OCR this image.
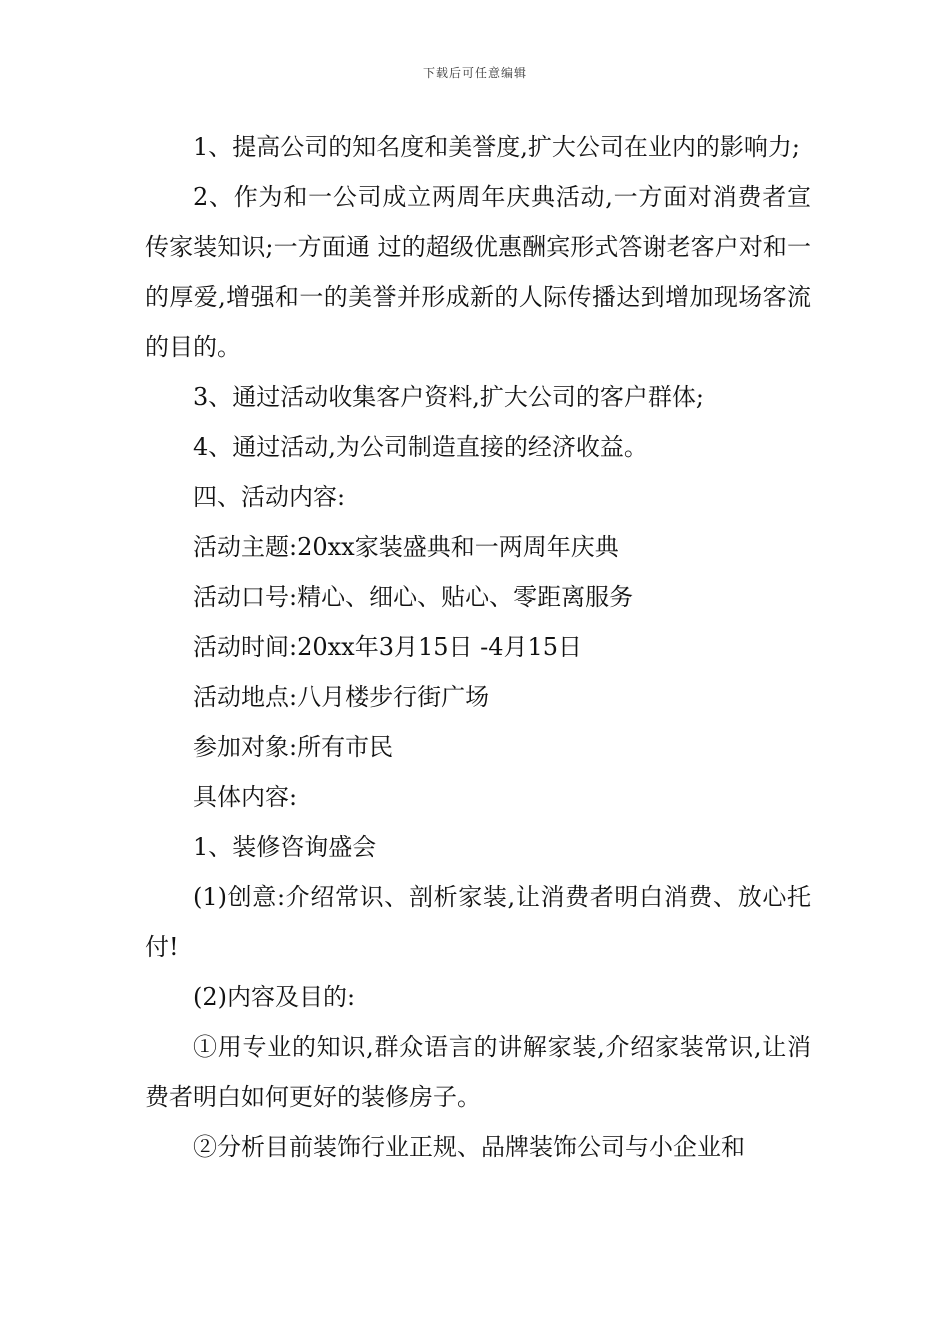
下载后可任意编辑

1、提高公司的知名度和美誉度,扩大公司在业内的影响力;

2、作为和一公司成立两周年庆典活动,一方面对消费者宣传家装知识;一方面通 过的超级优惠酬宾形式答谢老客户对和一的厚爱,增强和一的美誉并形成新的人际传播达到增加现场客流的目的。

3、通过活动收集客户资料,扩大公司的客户群体;

4、通过活动,为公司制造直接的经济收益。

四、活动内容:

活动主题:20xx家装盛典和一两周年庆典

活动口号:精心、细心、贴心、零距离服务

活动时间:20xx年3月15日 -4月15日

活动地点:八月楼步行街广场

参加对象:所有市民

具体内容:

1、装修咨询盛会

(1)创意:介绍常识、剖析家装,让消费者明白消费、放心托付!

(2)内容及目的:

①用专业的知识,群众语言的讲解家装,介绍家装常识,让消费者明白如何更好的装修房子。

②分析目前装饰行业正规、品牌装饰公司与小企业和
